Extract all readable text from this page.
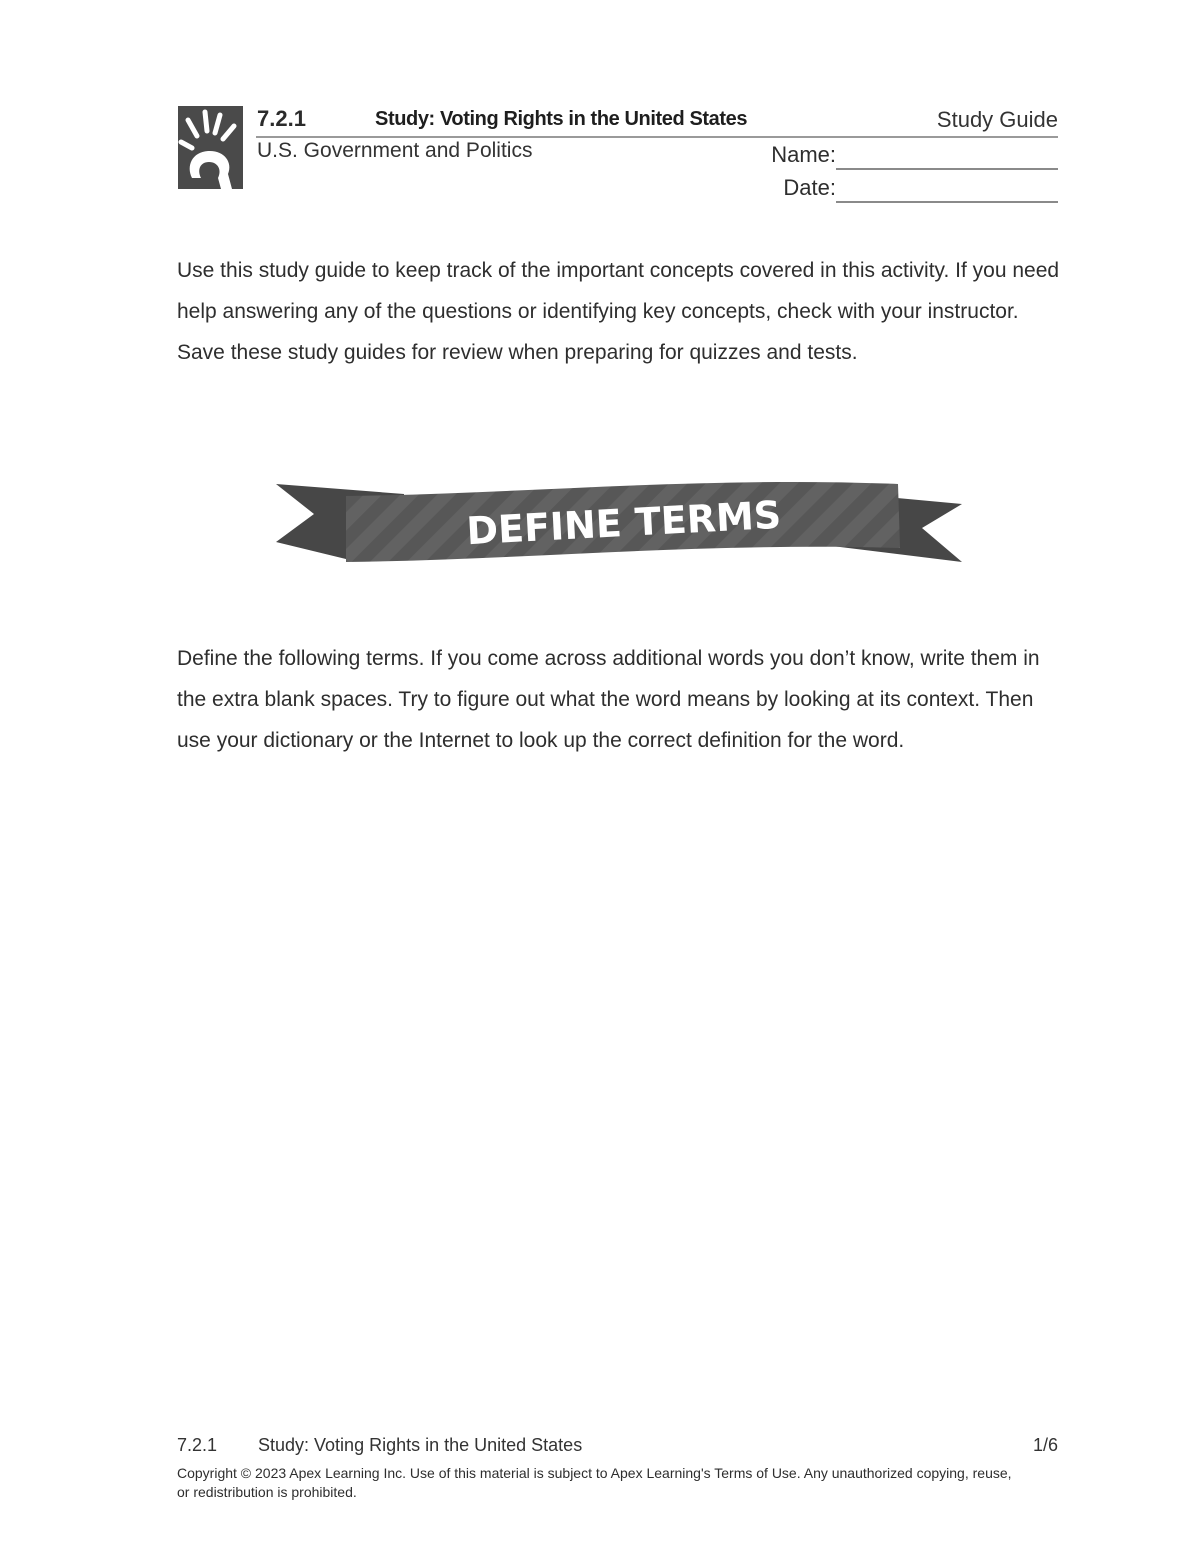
7.2.1	Study: Voting Rights in the United States	Study Guide
U.S. Government and Politics	Name:
Date:

Use this study guide to keep track of the important concepts covered in this activity. If you need help answering any of the questions or identifying key concepts, check with your instructor. Save these study guides for review when preparing for quizzes and tests.

DEFINE TERMS

Define the following terms. If you come across additional words you don’t know, write them in the extra blank spaces. Try to figure out what the word means by looking at its context. Then use your dictionary or the Internet to look up the correct definition for the word.

7.2.1 Study: Voting Rights in the United States	1/6

Copyright © 2023 Apex Learning Inc. Use of this material is subject to Apex Learning's Terms of Use. Any unauthorized copying, reuse, or redistribution is prohibited.
